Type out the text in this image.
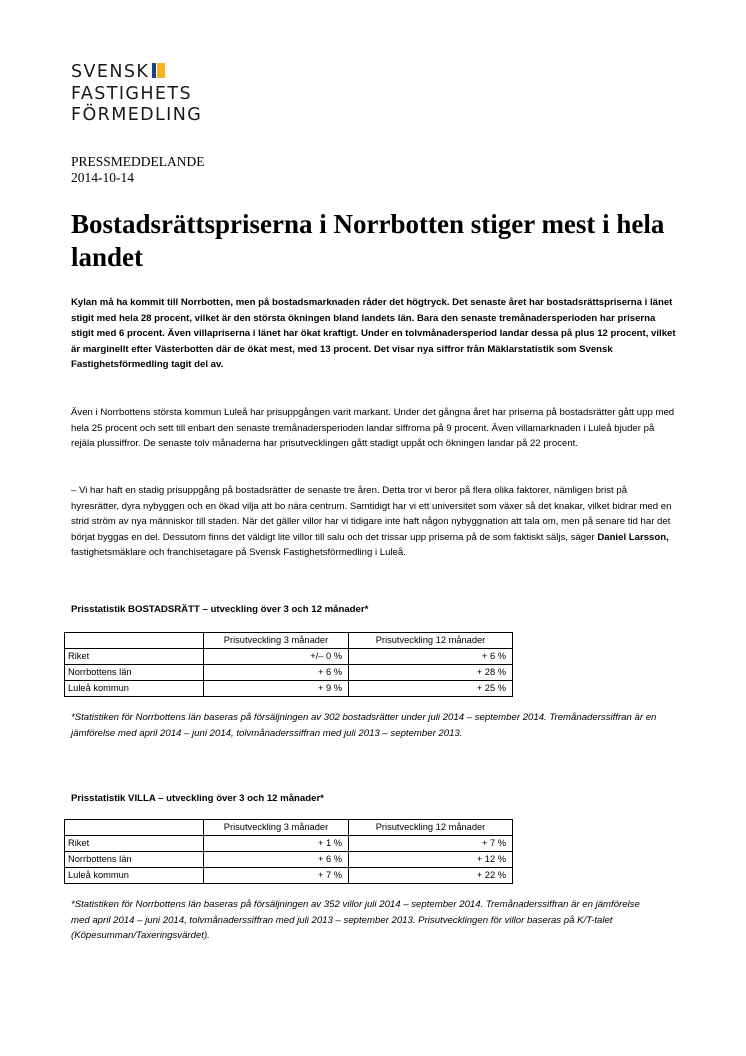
SVENSK
FASTIGHETS
FÖRMEDLING
PRESSMEDDELANDE
2014-10-14
Bostadsrättspriserna i Norrbotten stiger mest i hela landet

Kylan må ha kommit till Norrbotten, men på bostadsmarknaden råder det högtryck. Det senaste året har bostadsrättspriserna i länet stigit med hela 28 procent, vilket är den största ökningen bland landets län. Bara den senaste tremånadersperioden har priserna stigit med 6 procent. Även villapriserna i länet har ökat kraftigt. Under en tolvmånadersperiod landar dessa på plus 12 procent, vilket är marginellt efter Västerbotten där de ökat mest, med 13 procent. Det visar nya siffror från Mäklarstatistik som Svensk Fastighetsförmedling tagit del av.

Även i Norrbottens största kommun Luleå har prisuppgången varit markant. Under det gångna året har priserna på bostadsrätter gått upp med hela 25 procent och sett till enbart den senaste tremånadersperioden landar siffrorna på 9 procent. Även villamarknaden i Luleå bjuder på rejäla plussiffror. De senaste tolv månaderna har prisutvecklingen gått stadigt uppåt och ökningen landar på 22 procent.

– Vi har haft en stadig prisuppgång på bostadsrätter de senaste tre åren. Detta tror vi beror på flera olika faktorer, nämligen brist på hyresrätter, dyra nybyggen och en ökad vilja att bo nära centrum. Samtidigt har vi ett universitet som växer så det knakar, vilket bidrar med en strid ström av nya människor till staden. När det gäller villor har vi tidigare inte haft någon nybyggnation att tala om, men på senare tid har det börjat byggas en del. Dessutom finns det väldigt lite villor till salu och det trissar upp priserna på de som faktiskt säljs, säger Daniel Larsson, fastighetsmäklare och franchisetagare på Svensk Fastighetsförmedling i Luleå.

Prisstatistik BOSTADSRÄTT – utveckling över 3 och 12 månader*

	Prisutveckling 3 månader	Prisutveckling 12 månader
Riket	+/– 0 %	+ 6 %
Norrbottens län	+ 6 %	+ 28 %
Luleå kommun	+ 9 %	+ 25 %

*Statistiken för Norrbottens län baseras på försäljningen av 302 bostadsrätter under juli 2014 – september 2014. Tremånaderssiffran är en jämförelse med april 2014 – juni 2014, tolvmånaderssiffran med juli 2013 – september 2013.

Prisstatistik VILLA – utveckling över 3 och 12 månader*

	Prisutveckling 3 månader	Prisutveckling 12 månader
Riket	+ 1 %	+ 7 %
Norrbottens län	+ 6 %	+ 12 %
Luleå kommun	+ 7 %	+ 22 %

*Statistiken för Norrbottens län baseras på försäljningen av 352 villor juli 2014 – september 2014. Tremånaderssiffran är en jämförelse med april 2014 – juni 2014, tolvmånaderssiffran med juli 2013 – september 2013. Prisutvecklingen för villor baseras på K/T-talet (Köpesumman/Taxeringsvärdet).
